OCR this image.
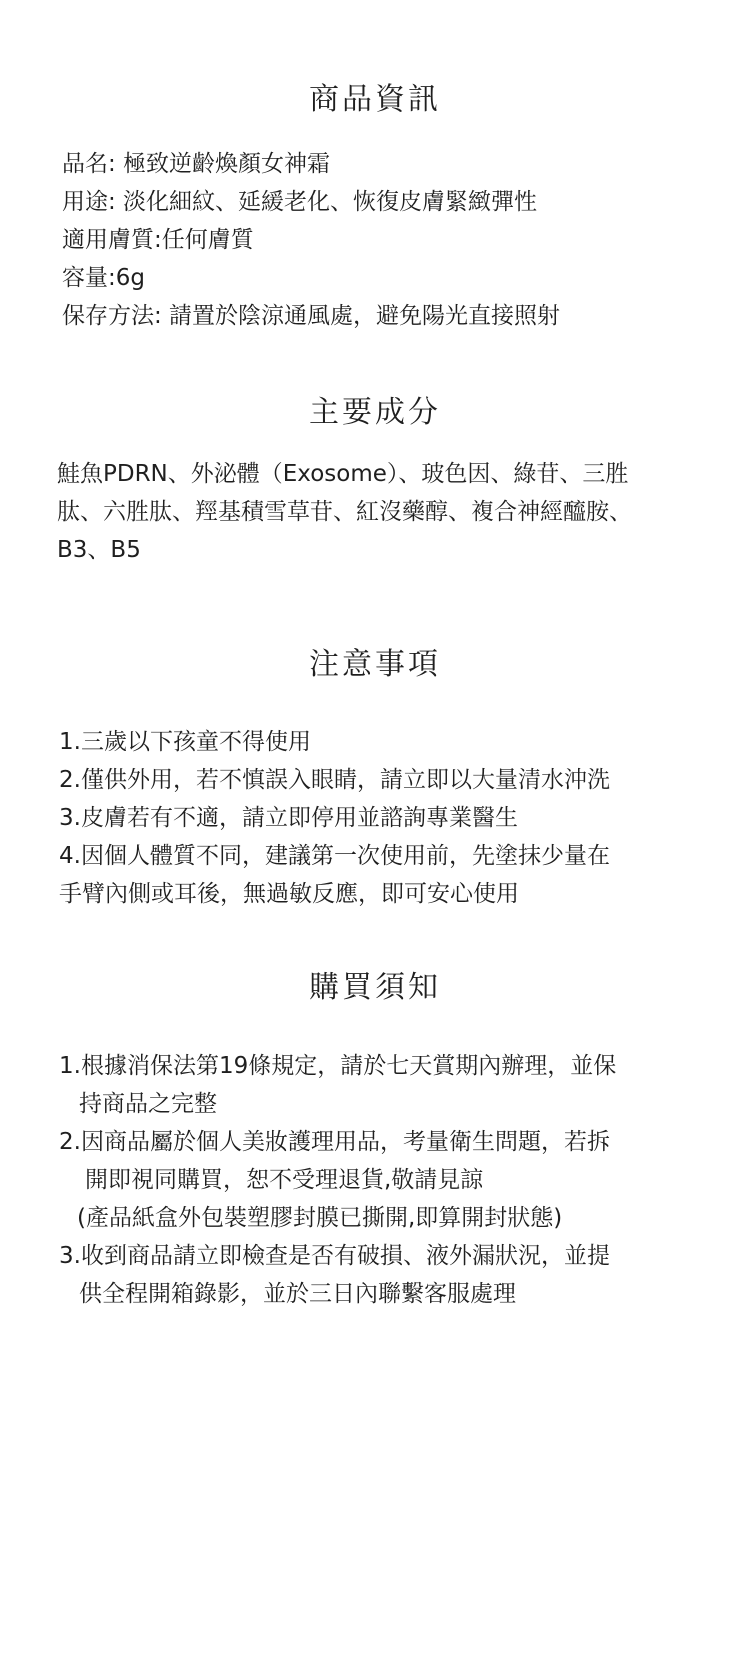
商品資訊
品名: 極致逆齡煥顏女神霜
用途: 淡化細紋、延緩老化、恢復皮膚緊緻彈性
適用膚質:任何膚質
容量:6g
保存方法: 請置於陰涼通風處，避免陽光直接照射
主要成分

鮭魚PDRN、外泌體（Exosome）、玻色因、綠苷、三胜
肽、六胜肽、羥基積雪草苷、紅沒藥醇、複合神經醯胺、
B3、B5

注意事項
1.三歲以下孩童不得使用
2.僅供外用，若不慎誤入眼睛，請立即以大量清水沖洗
3.皮膚若有不適，請立即停用並諮詢專業醫生
4.因個人體質不同，建議第一次使用前，先塗抹少量在
手臂內側或耳後，無過敏反應，即可安心使用
購買須知
1.根據消保法第19條規定，請於七天賞期內辦理，並保
持商品之完整
2.因商品屬於個人美妝護理用品，考量衛生問題，若拆
開即視同購買，恕不受理退貨,敬請見諒
(產品紙盒外包裝塑膠封膜已撕開,即算開封狀態)
3.收到商品請立即檢查是否有破損、液外漏狀況，並提
供全程開箱錄影，並於三日內聯繫客服處理
